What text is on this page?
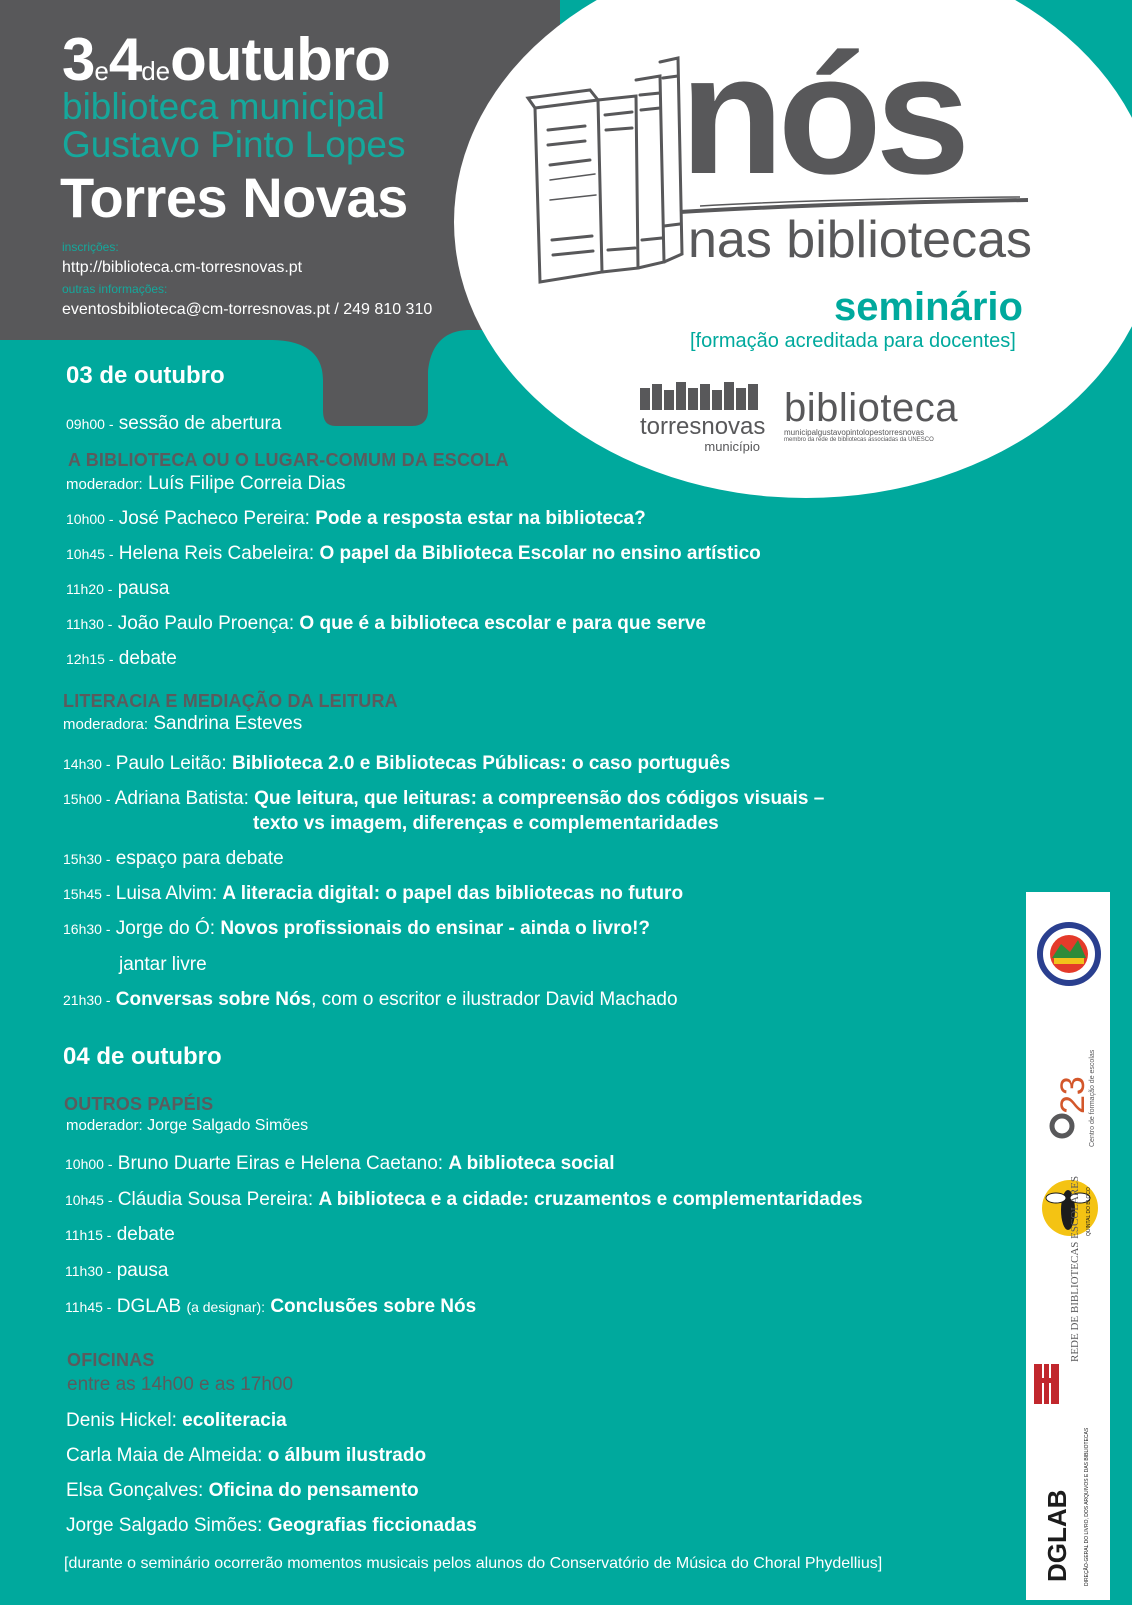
3e4deoutubro
biblioteca municipal
Gustavo Pinto Lopes
Torres Novas
inscrições:
http://biblioteca.cm-torresnovas.pt
outras informações:
eventosbiblioteca@cm-torresnovas.pt / 249 810 310
nós
nas bibliotecas
seminário
[formação acreditada para docentes]
torresnovas
município
biblioteca
municipalgustavopintolopestorresnovas
membro da rede de bibliotecas associadas da UNESCO
03 de outubro
09h00 - sessão de abertura
A BIBLIOTECA OU O LUGAR-COMUM DA ESCOLA
moderador: Luís Filipe Correia Dias
10h00 - José Pacheco Pereira: Pode a resposta estar na biblioteca?
10h45 - Helena Reis Cabeleira: O papel da Biblioteca Escolar no ensino artístico
11h20 - pausa
11h30 - João Paulo Proença: O que é a biblioteca escolar e para que serve
12h15 - debate
LITERACIA E MEDIAÇÃO DA LEITURA
moderadora: Sandrina Esteves
14h30 - Paulo Leitão: Biblioteca 2.0 e Bibliotecas Públicas: o caso português
15h00 - Adriana Batista: Que leitura, que leituras: a compreensão dos códigos visuais –
texto vs imagem, diferenças e complementaridades
15h30 - espaço para debate
15h45 - Luisa Alvim: A literacia digital: o papel das bibliotecas no futuro
16h30 - Jorge do Ó: Novos profissionais do ensinar - ainda o livro!?
jantar livre
21h30 - Conversas sobre Nós, com o escritor e ilustrador David Machado
04 de outubro
OUTROS PAPÉIS
moderador: Jorge Salgado Simões
10h00 - Bruno Duarte Eiras e Helena Caetano: A biblioteca social
10h45 - Cláudia Sousa Pereira: A biblioteca e a cidade: cruzamentos e complementaridades
11h15 - debate
11h30 - pausa
11h45 - DGLAB (a designar): Conclusões sobre Nós
OFICINAS
entre as 14h00 e as 17h00
Denis Hickel: ecoliteracia
Carla Maia de Almeida: o álbum ilustrado
Elsa Gonçalves: Oficina do pensamento
Jorge Salgado Simões: Geografias ficcionadas
[durante o seminário ocorrerão momentos musicais pelos alunos do Conservatório de Música do Choral Phydellius]
23
Centro de formação de escolas
QUINTAL DO BLOCO
REDE DE BIBLIOTECAS ESCOLARES
DGLAB DIREÇÃO-GERAL DO LIVRO, DOS ARQUIVOS E DAS BIBLIOTECAS
